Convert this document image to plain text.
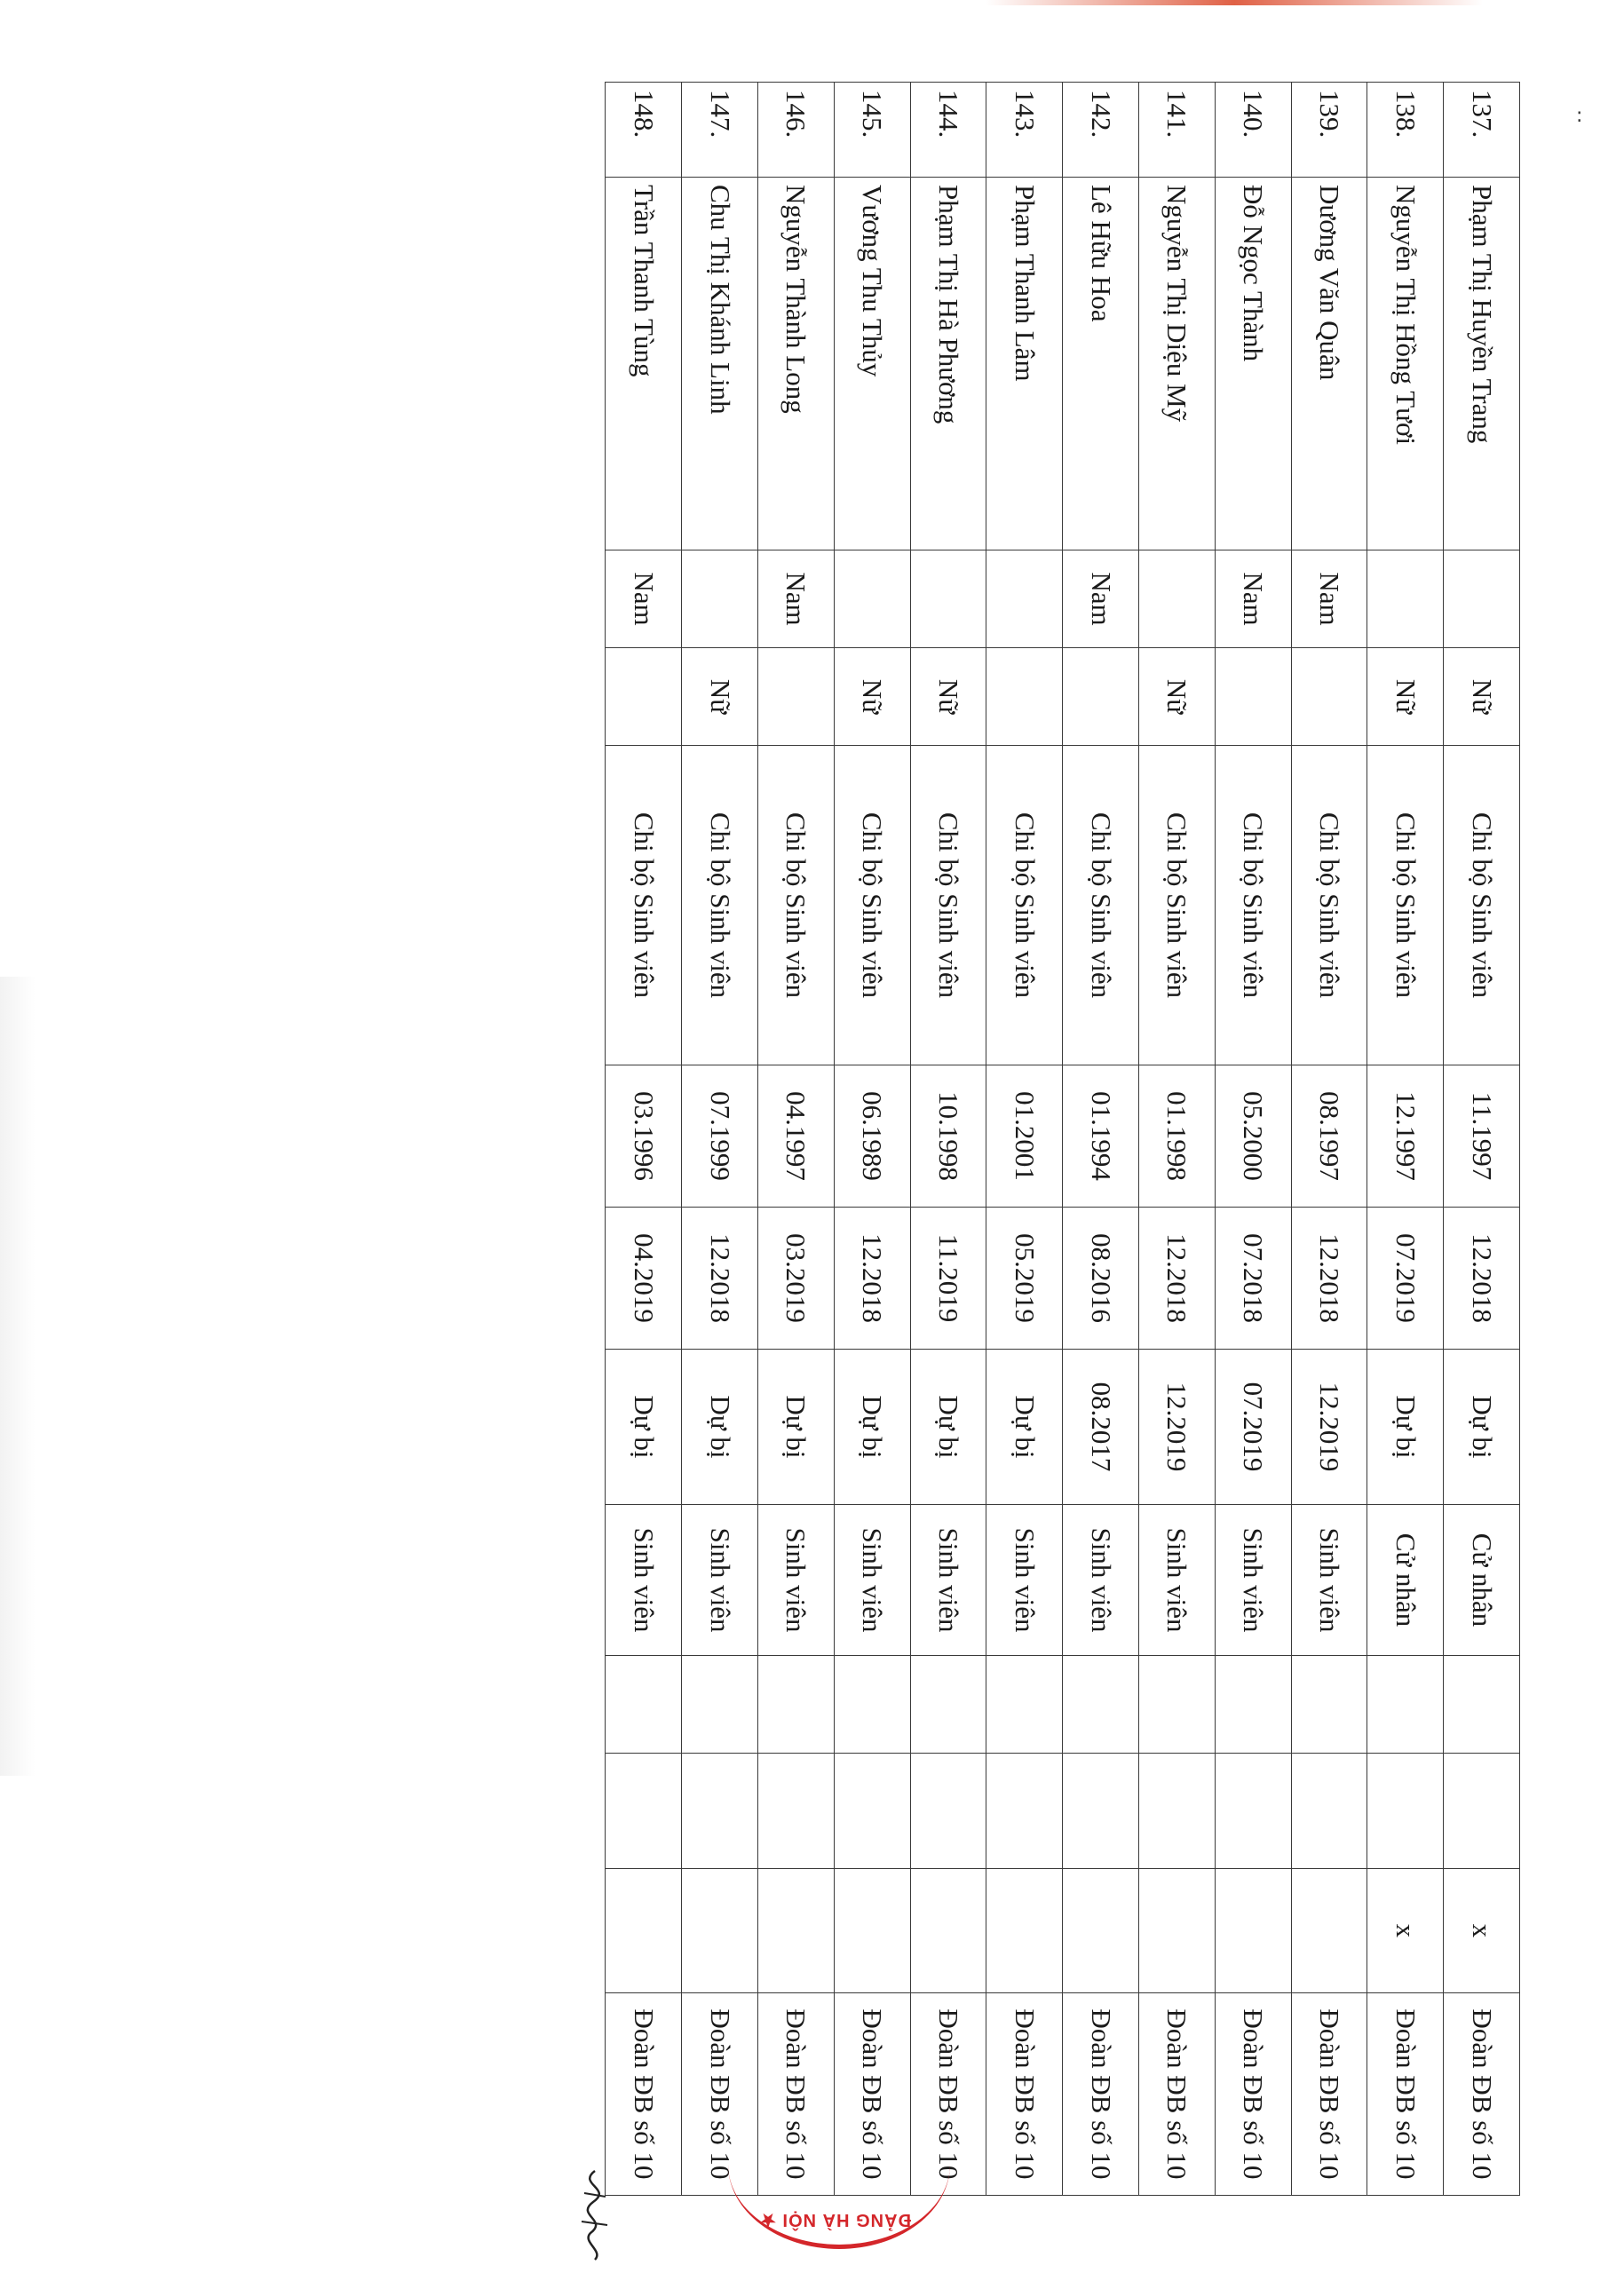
:
137.	Phạm Thị Huyền Trang		Nữ	Chi bộ Sinh viên	11.1997	12.2018	Dự bị	Cử nhân			x	Đoàn ĐB số 10
138.	Nguyễn Thị Hồng Tươi		Nữ	Chi bộ Sinh viên	12.1997	07.2019	Dự bị	Cử nhân			x	Đoàn ĐB số 10
139.	Dương Văn Quân	Nam		Chi bộ Sinh viên	08.1997	12.2018	12.2019	Sinh viên				Đoàn ĐB số 10
140.	Đỗ Ngọc Thành	Nam		Chi bộ Sinh viên	05.2000	07.2018	07.2019	Sinh viên				Đoàn ĐB số 10
141.	Nguyễn Thị Diệu Mỹ		Nữ	Chi bộ Sinh viên	01.1998	12.2018	12.2019	Sinh viên				Đoàn ĐB số 10
142.	Lê Hữu Hoa	Nam		Chi bộ Sinh viên	01.1994	08.2016	08.2017	Sinh viên				Đoàn ĐB số 10
143.	Phạm Thanh Lâm			Chi bộ Sinh viên	01.2001	05.2019	Dự bị	Sinh viên				Đoàn ĐB số 10
144.	Phạm Thị Hà Phương		Nữ	Chi bộ Sinh viên	10.1998	11.2019	Dự bị	Sinh viên				Đoàn ĐB số 10
145.	Vương Thu Thủy		Nữ	Chi bộ Sinh viên	06.1989	12.2018	Dự bị	Sinh viên				Đoàn ĐB số 10
146.	Nguyễn Thành Long	Nam		Chi bộ Sinh viên	04.1997	03.2019	Dự bị	Sinh viên				Đoàn ĐB số 10
147.	Chu Thị Khánh Linh		Nữ	Chi bộ Sinh viên	07.1999	12.2018	Dự bị	Sinh viên				Đoàn ĐB số 10
148.	Trần Thanh Tùng	Nam		Chi bộ Sinh viên	03.1996	04.2019	Dự bị	Sinh viên				Đoàn ĐB số 10
ĐẢNG HÀ NỘI ★
